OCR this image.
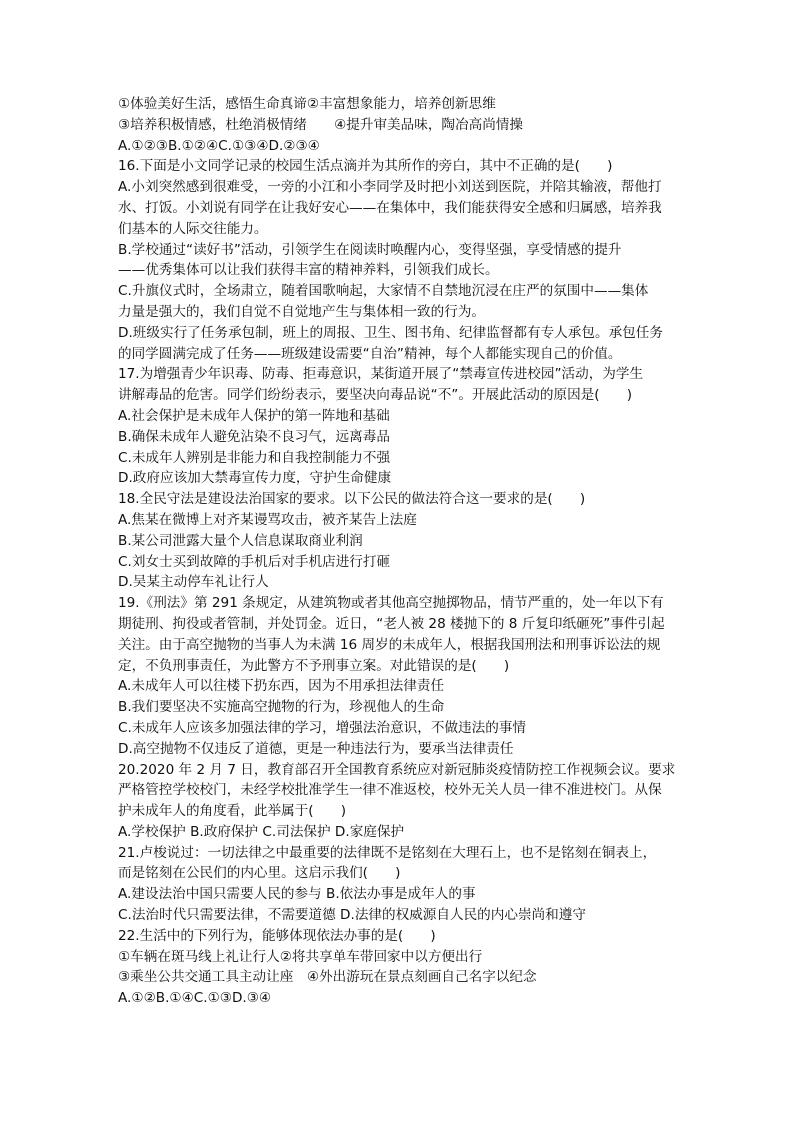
①体验美好生活，感悟生命真谛②丰富想象能力，培养创新思维
③培养积极情感，杜绝消极情绪　　④提升审美品味，陶冶高尚情操
A.①②③B.①②④C.①③④D.②③④
16.下面是小文同学记录的校园生活点滴并为其所作的旁白，其中不正确的是(　　)
A.小刘突然感到很难受，一旁的小江和小李同学及时把小刘送到医院，并陪其输液，帮他打
水、打饭。小刘说有同学在让我好安心——在集体中，我们能获得安全感和归属感，培养我
们基本的人际交往能力。
B.学校通过“读好书”活动，引领学生在阅读时唤醒内心，变得坚强，享受情感的提升
——优秀集体可以让我们获得丰富的精神养料，引领我们成长。
C.升旗仪式时，全场肃立，随着国歌响起，大家情不自禁地沉浸在庄严的氛围中——集体
力量是强大的，我们自觉不自觉地产生与集体相一致的行为。
D.班级实行了任务承包制，班上的周报、卫生、图书角、纪律监督都有专人承包。承包任务
的同学圆满完成了任务——班级建设需要“自治”精神，每个人都能实现自己的价值。
17.为增强青少年识毒、防毒、拒毒意识，某街道开展了“禁毒宣传进校园”活动，为学生
讲解毒品的危害。同学们纷纷表示，要坚决向毒品说“不”。开展此活动的原因是(　　)
A.社会保护是未成年人保护的第一阵地和基础
B.确保未成年人避免沾染不良习气，远离毒品
C.未成年人辨别是非能力和自我控制能力不强
D.政府应该加大禁毒宣传力度，守护生命健康
18.全民守法是建设法治国家的要求。以下公民的做法符合这一要求的是(　　)
A.焦某在微博上对齐某谩骂攻击，被齐某告上法庭
B.某公司泄露大量个人信息谋取商业利润
C.刘女士买到故障的手机后对手机店进行打砸
D.吴某主动停车礼让行人
19.《刑法》第 291 条规定，从建筑物或者其他高空抛掷物品，情节严重的，处一年以下有
期徒刑、拘役或者管制，并处罚金。近日，“老人被 28 楼抛下的 8 斤复印纸砸死”事件引起
关注。由于高空抛物的当事人为未满 16 周岁的未成年人，根据我国刑法和刑事诉讼法的规
定，不负刑事责任，为此警方不予刑事立案。对此错误的是(　　)
A.未成年人可以往楼下扔东西，因为不用承担法律责任
B.我们要坚决不实施高空抛物的行为，珍视他人的生命
C.未成年人应该多加强法律的学习，增强法治意识，不做违法的事情
D.高空抛物不仅违反了道德，更是一种违法行为，要承当法律责任
20.2020 年 2 月 7 日，教育部召开全国教育系统应对新冠肺炎疫情防控工作视频会议。要求
严格管控学校校门，未经学校批准学生一律不准返校，校外无关人员一律不准进校门。从保
护未成年人的角度看，此举属于(　　)
A.学校保护 B.政府保护 C.司法保护 D.家庭保护
21.卢梭说过：一切法律之中最重要的法律既不是铭刻在大理石上，也不是铭刻在铜表上，
而是铭刻在公民们的内心里。这启示我们(　　)
A.建设法治中国只需要人民的参与 B.依法办事是成年人的事
C.法治时代只需要法律，不需要道德 D.法律的权威源自人民的内心崇尚和遵守
22.生活中的下列行为，能够体现依法办事的是(　　)
①车辆在斑马线上礼让行人②将共享单车带回家中以方便出行
③乘坐公共交通工具主动让座　④外出游玩在景点刻画自己名字以纪念
A.①②B.①④C.①③D.③④
